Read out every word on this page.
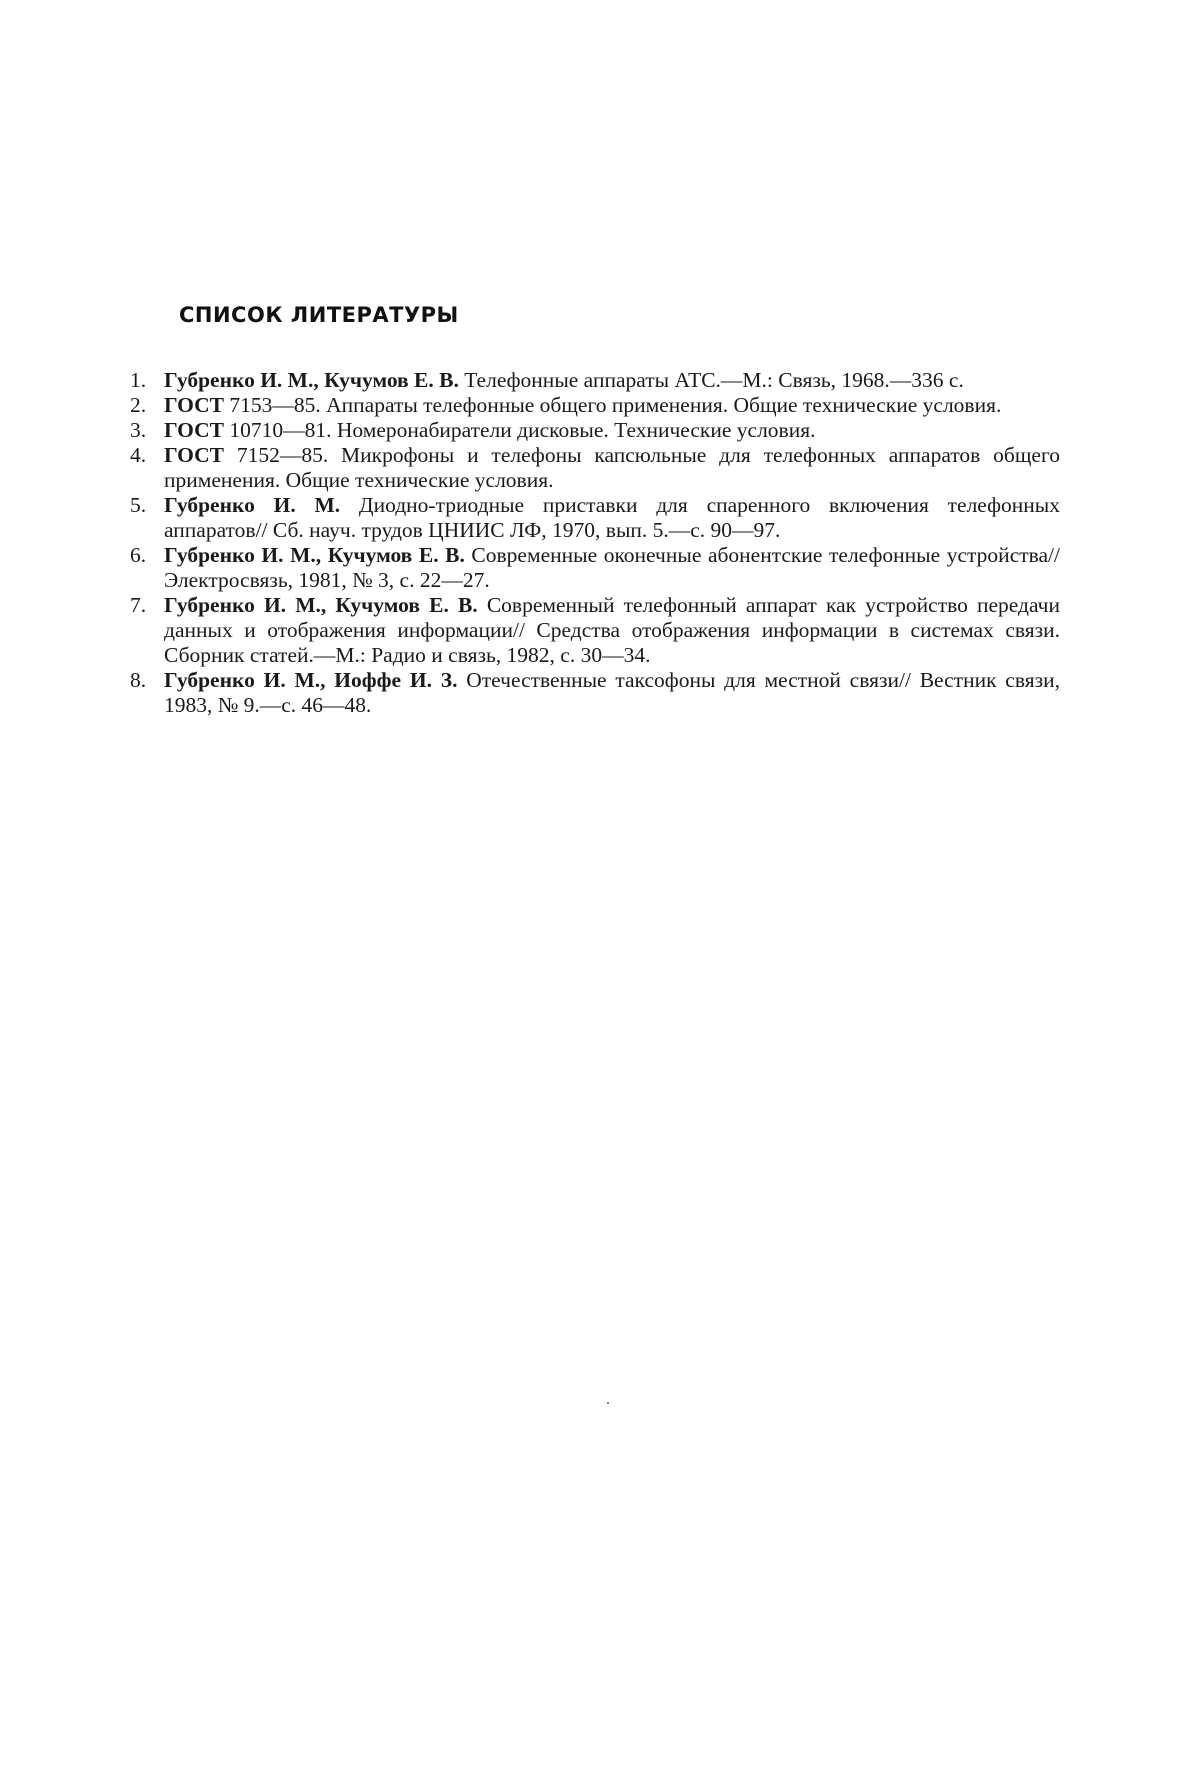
СПИСОК ЛИТЕРАТУРЫ
1. Губренко И. М., Кучумов Е. В. Телефонные аппараты АТС.—М.: Связь, 1968.—336 с.
2. ГОСТ 7153—85. Аппараты телефонные общего применения. Общие технические условия.
3. ГОСТ 10710—81. Номеронабиратели дисковые. Технические условия.
4. ГОСТ 7152—85. Микрофоны и телефоны капсюльные для телефонных аппаратов общего применения. Общие технические условия.
5. Губренко И. М. Диодно-триодные приставки для спаренного включения телефонных аппаратов// Сб. науч. трудов ЦНИИС ЛФ, 1970, вып. 5.—с. 90—97.
6. Губренко И. М., Кучумов Е. В. Современные оконечные абонентские телефонные устройства// Электросвязь, 1981, № 3, с. 22—27.
7. Губренко И. М., Кучумов Е. В. Современный телефонный аппарат как устройство передачи данных и отображения информации// Средства отображения информации в системах связи. Сборник статей.—М.: Радио и связь, 1982, с. 30—34.
8. Губренко И. М., Иоффе И. З. Отечественные таксофоны для местной связи// Вестник связи, 1983, № 9.—с. 46—48.
